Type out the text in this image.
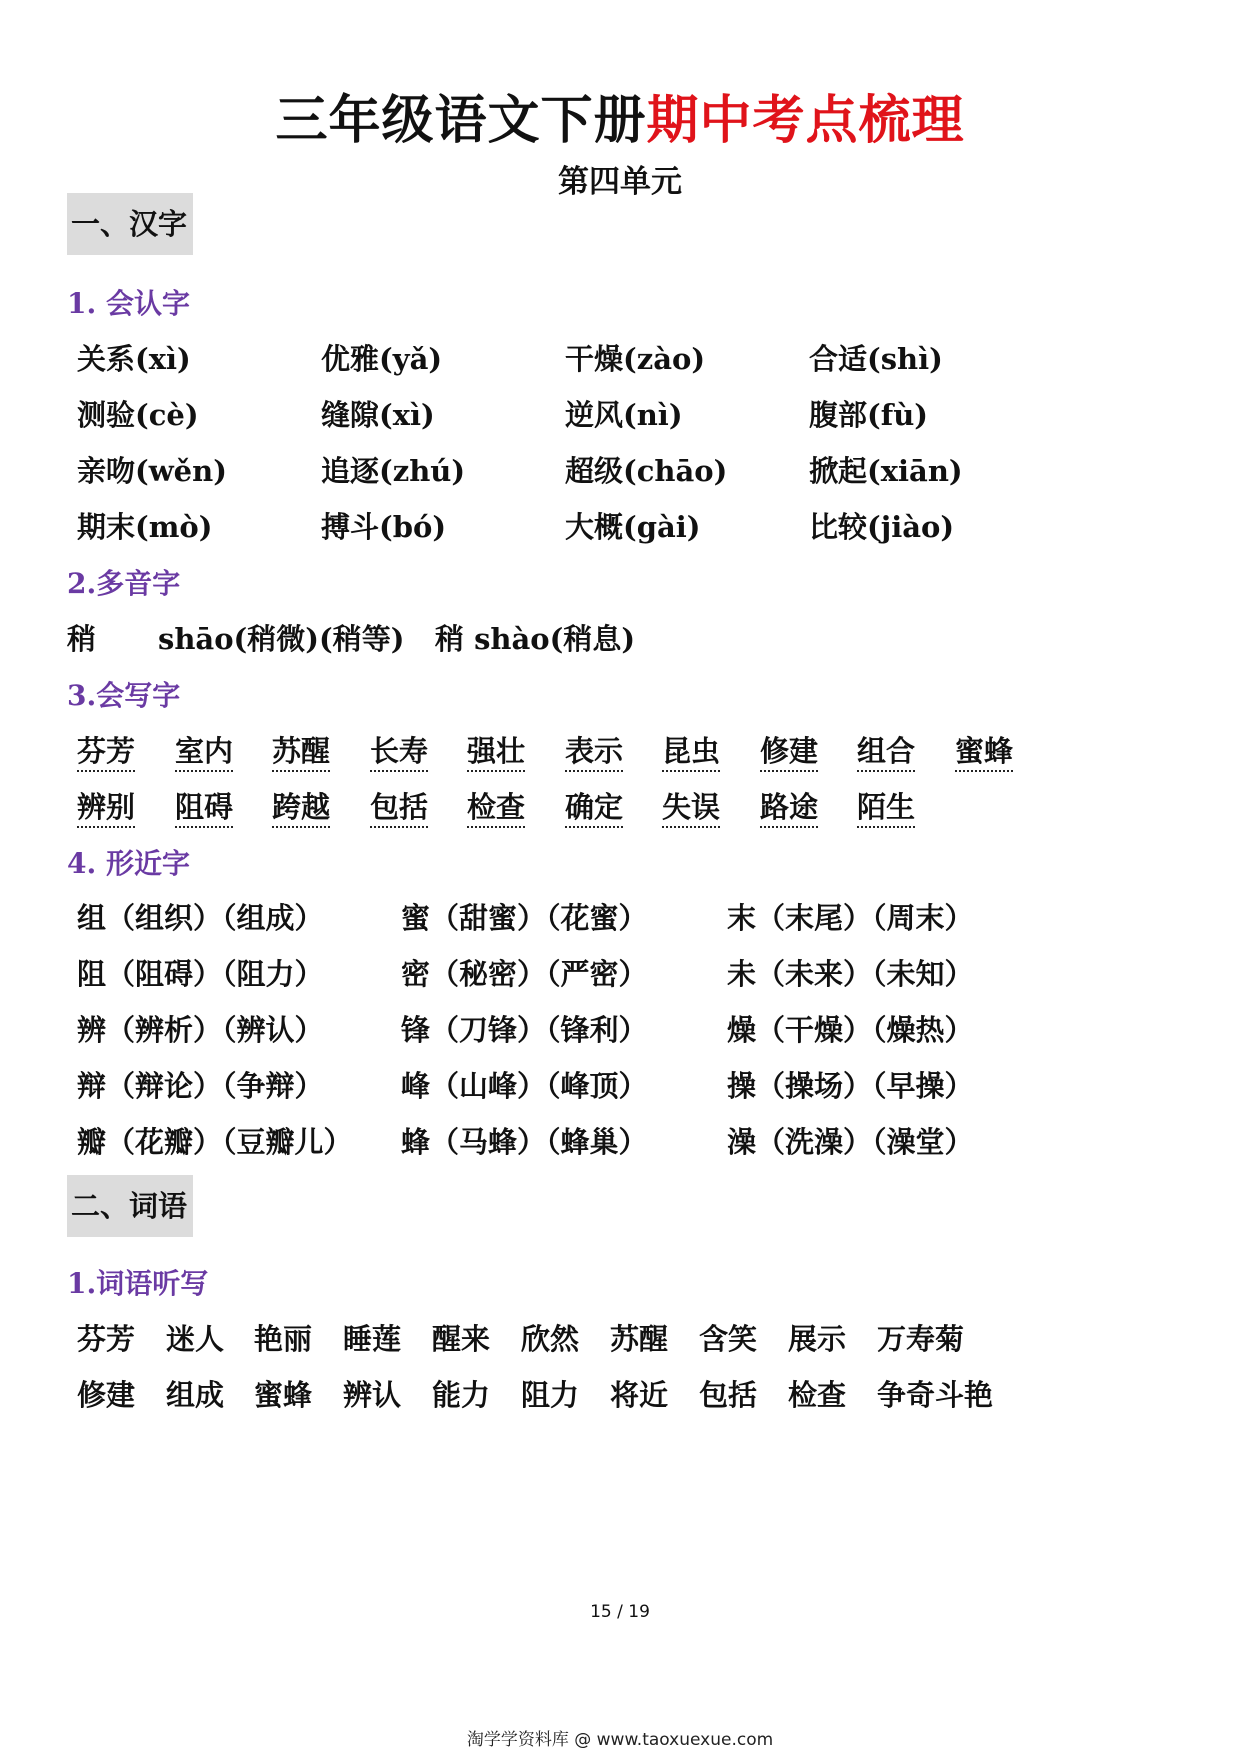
三年级语文下册期中考点梳理
第四单元
一、汉字
1. 会认字
关系(xì)	优雅(yǎ)	干燥(zào)	合适(shì)
测验(cè)	缝隙(xì)	逆风(nì)	腹部(fù)
亲吻(wěn)	追逐(zhú)	超级(chāo)	掀起(xiān)
期末(mò)	搏斗(bó)	大概(gài)	比较(jiào)
2.多音字
稍 shāo(稍微)(稍等) 稍 shào(稍息)
3.会写字
芬芳 室内 苏醒 长寿 强壮 表示 昆虫 修建 组合 蜜蜂
辨别 阻碍 跨越 包括 检查 确定 失误 路途 陌生
4. 形近字
组（组织）（组成）	蜜（甜蜜）（花蜜）	末（末尾）（周末）
阻（阻碍）（阻力）	密（秘密）（严密）	未（未来）（未知）
辨（辨析）（辨认）	锋（刀锋）（锋利）	燥（干燥）（燥热）
辩（辩论）（争辩）	峰（山峰）（峰顶）	操（操场）（早操）
瓣（花瓣）（豆瓣儿） 蜂（马蜂）（蜂巢）	澡（洗澡）（澡堂）
二、词语
1.词语听写
芬芳 迷人 艳丽 睡莲 醒来 欣然 苏醒 含笑 展示 万寿菊
修建 组成 蜜蜂 辨认 能力 阻力 将近 包括 检查 争奇斗艳
15 / 19
淘学学资料库 @ www.taoxuexue.com
